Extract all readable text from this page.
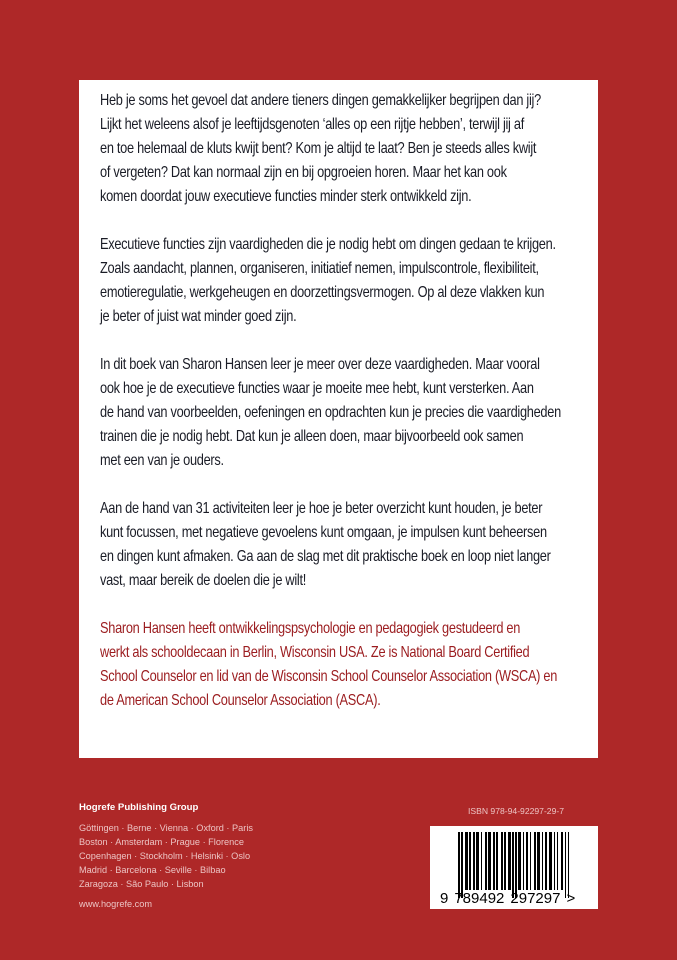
Heb je soms het gevoel dat andere tieners dingen gemakkelijker begrijpen dan jij?
Lijkt het weleens alsof je leeftijdsgenoten ‘alles op een rijtje hebben’, terwijl jij af
en toe helemaal de kluts kwijt bent? Kom je altijd te laat? Ben je steeds alles kwijt
of vergeten? Dat kan normaal zijn en bij opgroeien horen. Maar het kan ook
komen doordat jouw executieve functies minder sterk ontwikkeld zijn.

Executieve functies zijn vaardigheden die je nodig hebt om dingen gedaan te krijgen.
Zoals aandacht, plannen, organiseren, initiatief nemen, impulscontrole, flexibiliteit,
emotieregulatie, werkgeheugen en doorzettingsvermogen. Op al deze vlakken kun
je beter of juist wat minder goed zijn.

In dit boek van Sharon Hansen leer je meer over deze vaardigheden. Maar vooral
ook hoe je de executieve functies waar je moeite mee hebt, kunt versterken. Aan
de hand van voorbeelden, oefeningen en opdrachten kun je precies die vaardigheden
trainen die je nodig hebt. Dat kun je alleen doen, maar bijvoorbeeld ook samen
met een van je ouders.

Aan de hand van 31 activiteiten leer je hoe je beter overzicht kunt houden, je beter
kunt focussen, met negatieve gevoelens kunt omgaan, je impulsen kunt beheersen
en dingen kunt afmaken. Ga aan de slag met dit praktische boek en loop niet langer
vast, maar bereik de doelen die je wilt!

Sharon Hansen heeft ontwikkelingspsychologie en pedagogiek gestudeerd en
werkt als schooldecaan in Berlin, Wisconsin USA. Ze is National Board Certified
School Counselor en lid van de Wisconsin School Counselor Association (WSCA) en
de American School Counselor Association (ASCA).

Hogrefe Publishing Group
Göttingen · Berne · Vienna · Oxford · Paris
Boston · Amsterdam · Prague · Florence
Copenhagen · Stockholm · Helsinki · Oslo
Madrid · Barcelona · Seville · Bilbao
Zaragoza · São Paulo · Lisbon
www.hogrefe.com
ISBN 978-94-92297-29-7
9 789492 297297 >
